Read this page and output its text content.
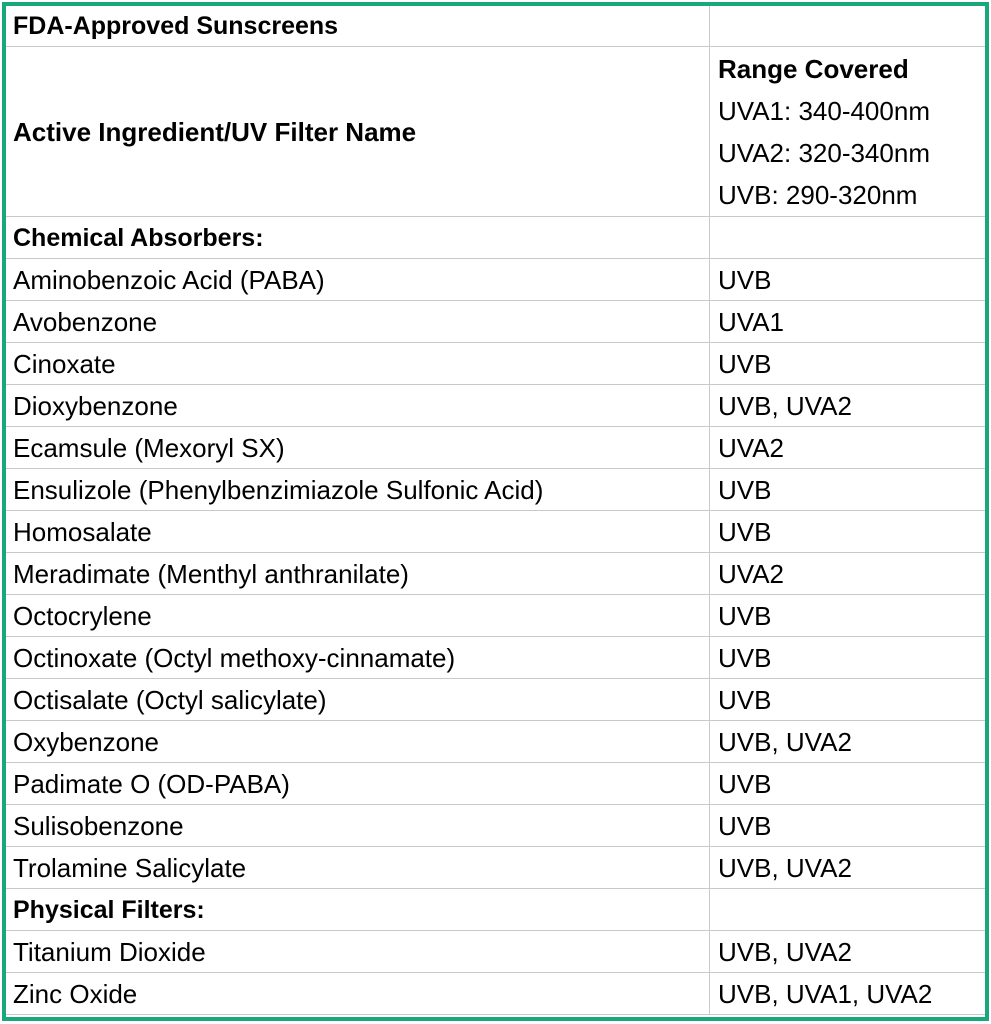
FDA-Approved Sunscreens	
Active Ingredient/UV Filter Name	Range Covered
UVA1: 340-400nm
UVA2: 320-340nm
UVB: 290-320nm

Chemical Absorbers:	
Aminobenzoic Acid (PABA)	UVB
Avobenzone	UVA1
Cinoxate	UVB
Dioxybenzone	UVB, UVA2
Ecamsule (Mexoryl SX)	UVA2
Ensulizole (Phenylbenzimiazole Sulfonic Acid)	UVB
Homosalate	UVB
Meradimate (Menthyl anthranilate)	UVA2
Octocrylene	UVB
Octinoxate (Octyl methoxy-cinnamate)	UVB
Octisalate (Octyl salicylate)	UVB
Oxybenzone	UVB, UVA2
Padimate O (OD-PABA)	UVB
Sulisobenzone	UVB
Trolamine Salicylate	UVB, UVA2
Physical Filters:	
Titanium Dioxide	UVB, UVA2
Zinc Oxide	UVB, UVA1, UVA2
